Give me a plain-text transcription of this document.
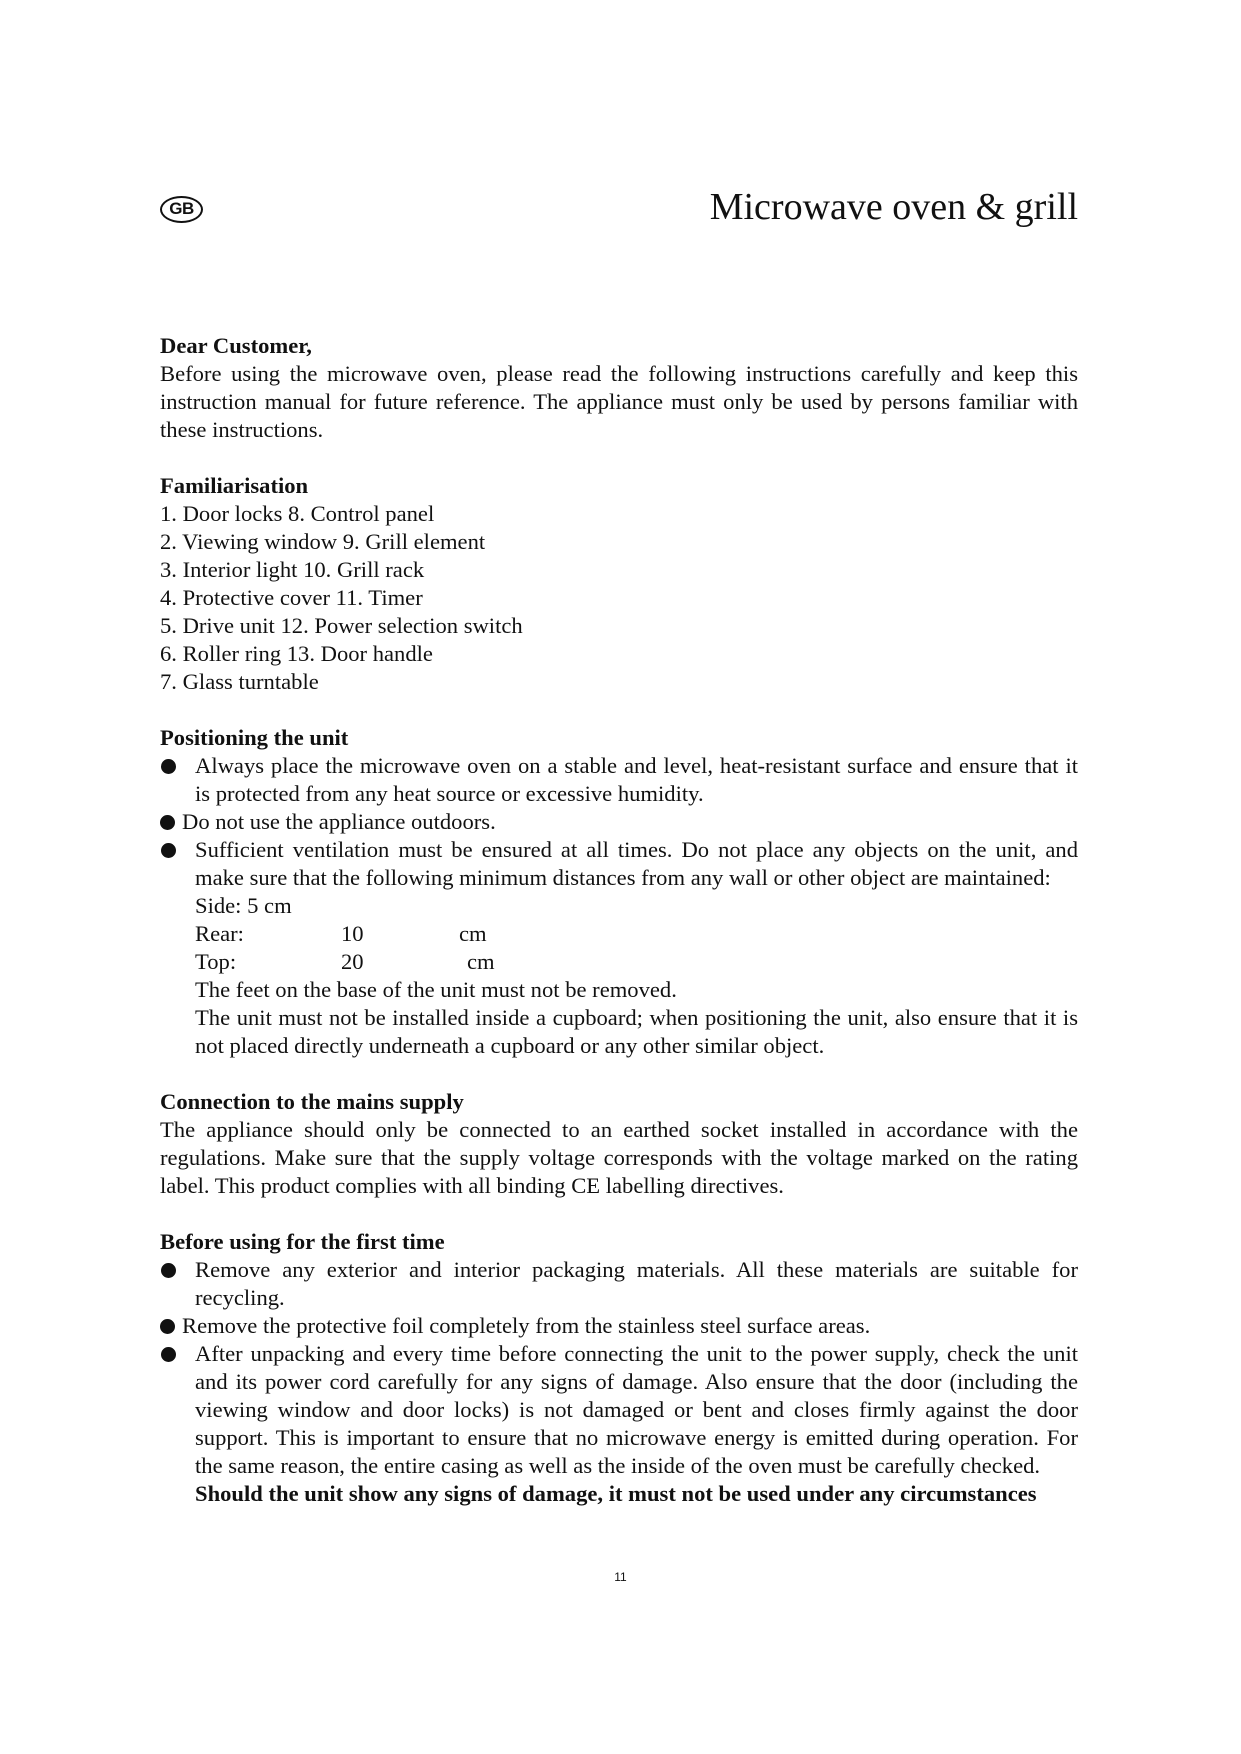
GB	Microwave oven & grill
Dear Customer,
Before using the microwave oven, please read the following instructions carefully and keep this instruction manual for future reference. The appliance must only be used by persons familiar with these instructions.
Familiarisation
1. Door locks 8. Control panel
2. Viewing window 9. Grill element
3. Interior light 10. Grill rack
4. Protective cover 11. Timer
5. Drive unit 12. Power selection switch
6. Roller ring 13. Door handle
7. Glass turntable
Positioning the unit
Always place the microwave oven on a stable and level, heat-resistant surface and ensure that it is protected from any heat source or excessive humidity.
Do not use the appliance outdoors.
Sufficient ventilation must be ensured at all times. Do not place any objects on the unit, and make sure that the following minimum distances from any wall or other object are maintained:
Side: 5 cm
Rear:	10	cm
Top:	20	cm
The feet on the base of the unit must not be removed.
The unit must not be installed inside a cupboard; when positioning the unit, also ensure that it is not placed directly underneath a cupboard or any other similar object.
Connection to the mains supply
The appliance should only be connected to an earthed socket installed in accordance with the regulations. Make sure that the supply voltage corresponds with the voltage marked on the rating label. This product complies with all binding CE labelling directives.
Before using for the first time
Remove any exterior and interior packaging materials. All these materials are suitable for recycling.
Remove the protective foil completely from the stainless steel surface areas.
After unpacking and every time before connecting the unit to the power supply, check the unit and its power cord carefully for any signs of damage. Also ensure that the door (including the viewing window and door locks) is not damaged or bent and closes firmly against the door support. This is important to ensure that no microwave energy is emitted during operation. For the same reason, the entire casing as well as the inside of the oven must be carefully checked.
Should the unit show any signs of damage, it must not be used under any circumstances
11
